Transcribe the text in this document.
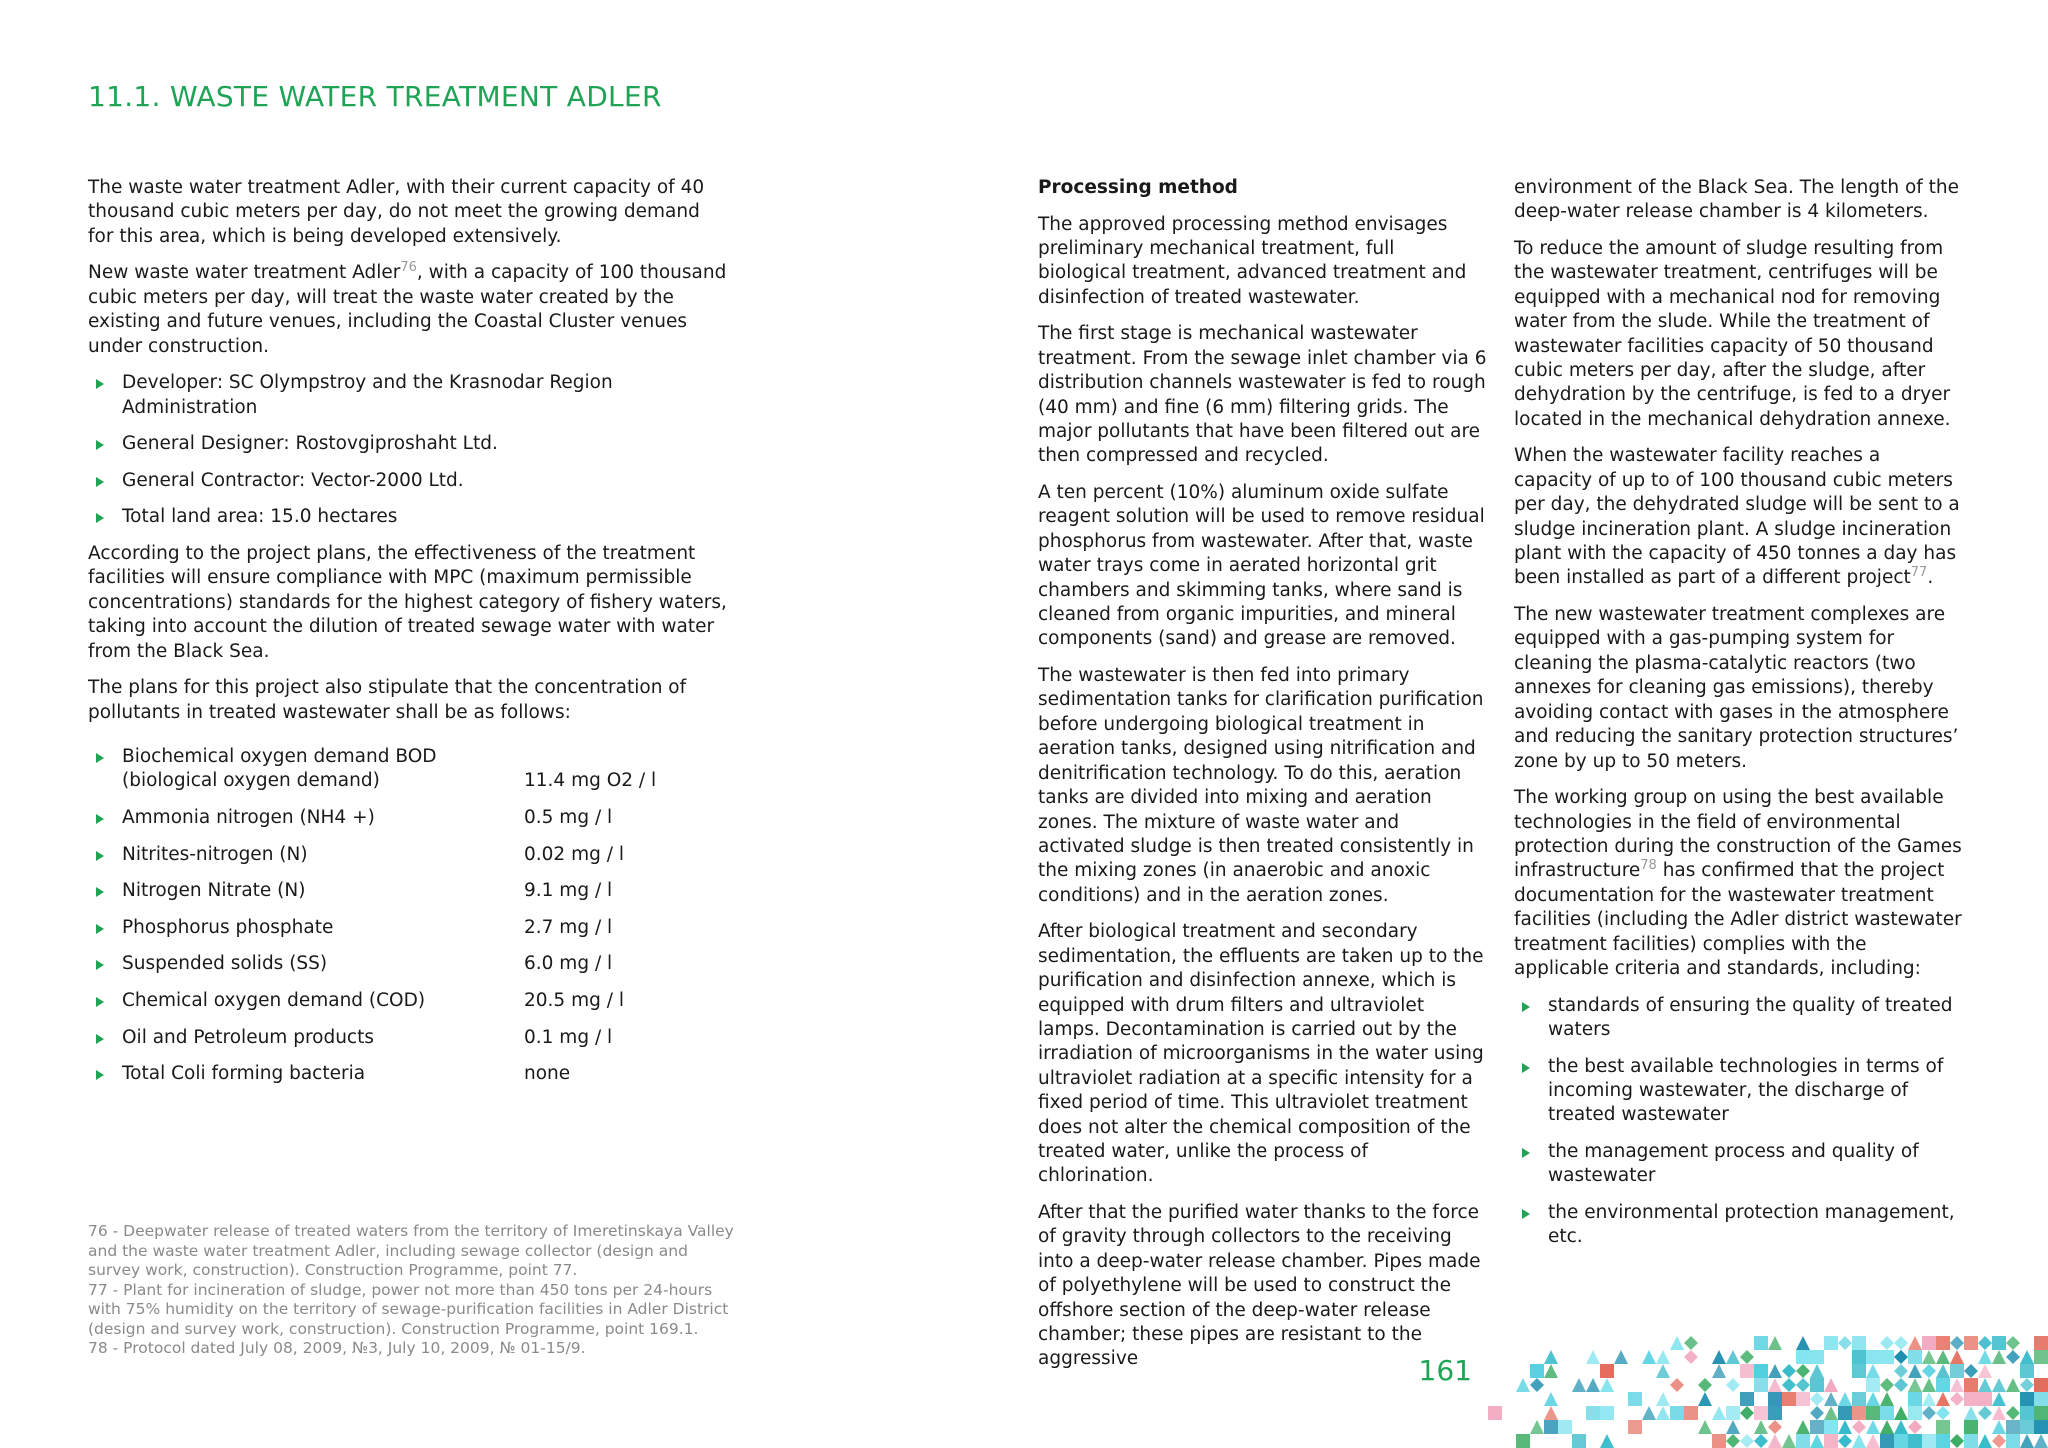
11.1. WASTE WATER TREATMENT ADLER

The waste water treatment Adler, with their current capacity of 40 thousand cubic meters per day, do not meet the growing demand for this area, which is being developed extensively.

New waste water treatment Adler$^{76}$, with a capacity of 100 thousand cubic meters per day, will treat the waste water created by the existing and future venues, including the Coastal Cluster venues under construction.

Developer: SC Olympstroy and the Krasnodar Region Administration
General Designer: Rostovgiproshaht Ltd.
General Contractor: Vector-2000 Ltd.
Total land area: 15.0 hectares

According to the project plans, the effectiveness of the treatment facilities will ensure compliance with MPC (maximum permissible concentrations) standards for the highest category of fishery waters, taking into account the dilution of treated sewage water with water from the Black Sea.

The plans for this project also stipulate that the concentration of pollutants in treated wastewater shall be as follows:

Biochemical oxygen demand BOD (biological oxygen demand)	11.4 mg O2 / l
Ammonia nitrogen (NH4 +)	0.5 mg / l
Nitrites-nitrogen (N)	0.02 mg / l
Nitrogen Nitrate (N)	9.1 mg / l
Phosphorus phosphate	2.7 mg / l
Suspended solids (SS)	6.0 mg / l
Chemical oxygen demand (COD)	20.5 mg / l
Oil and Petroleum products	0.1 mg / l
Total Coli forming bacteria	none

76 - Deepwater release of treated waters from the territory of Imeretinskaya Valley and the waste water treatment Adler, including sewage collector (design and survey work, construction). Construction Programme, point 77.

77 - Plant for incineration of sludge, power not more than 450 tons per 24-hours with 75% humidity on the territory of sewage-purification facilities in Adler District (design and survey work, construction). Construction Programme, point 169.1.

78 - Protocol dated July 08, 2009, №3, July 10, 2009, № 01-15/9.

Processing method

The approved processing method envisages preliminary mechanical treatment, full biological treatment, advanced treatment and disinfection of treated wastewater.

The first stage is mechanical wastewater treatment. From the sewage inlet chamber via 6 distribution channels wastewater is fed to rough (40 mm) and fine (6 mm) filtering grids. The major pollutants that have been filtered out are then compressed and recycled.

A ten percent (10%) aluminum oxide sulfate reagent solution will be used to remove residual phosphorus from wastewater. After that, waste water trays come in aerated horizontal grit chambers and skimming tanks, where sand is cleaned from organic impurities, and mineral components (sand) and grease are removed.

The wastewater is then fed into primary sedimentation tanks for clarification purification before undergoing biological treatment in aeration tanks, designed using nitrification and denitrification technology. To do this, aeration tanks are divided into mixing and aeration zones. The mixture of waste water and activated sludge is then treated consistently in the mixing zones (in anaerobic and anoxic conditions) and in the aeration zones.

After biological treatment and secondary sedimentation, the effluents are taken up to the purification and disinfection annexe, which is equipped with drum filters and ultraviolet lamps. Decontamination is carried out by the irradiation of microorganisms in the water using ultraviolet radiation at a specific intensity for a fixed period of time. This ultraviolet treatment does not alter the chemical composition of the treated water, unlike the process of chlorination.

After that the purified water thanks to the force of gravity through collectors to the receiving into a deep-water release chamber. Pipes made of polyethylene will be used to construct the offshore section of the deep-water release chamber; these pipes are resistant to the aggressive

environment of the Black Sea. The length of the deep-water release chamber is 4 kilometers.

To reduce the amount of sludge resulting from the wastewater treatment, centrifuges will be equipped with a mechanical nod for removing water from the slude. While the treatment of wastewater facilities capacity of 50 thousand cubic meters per day, after the sludge, after dehydration by the centrifuge, is fed to a dryer located in the mechanical dehydration annexe.

When the wastewater facility reaches a capacity of up to of 100 thousand cubic meters per day, the dehydrated sludge will be sent to a sludge incineration plant. A sludge incineration plant with the capacity of 450 tonnes a day has been installed as part of a different project$^{77}$.

The new wastewater treatment complexes are equipped with a gas-pumping system for cleaning the plasma-catalytic reactors (two annexes for cleaning gas emissions), thereby avoiding contact with gases in the atmosphere and reducing the sanitary protection structures’ zone by up to 50 meters.

The working group on using the best available technologies in the field of environmental protection during the construction of the Games infrastructure$^{78}$ has confirmed that the project documentation for the wastewater treatment facilities (including the Adler district wastewater treatment facilities) complies with the applicable criteria and standards, including:

standards of ensuring the quality of treated waters
the best available technologies in terms of incoming wastewater, the discharge of treated wastewater
the management process and quality of wastewater
the environmental protection management, etc.
161
